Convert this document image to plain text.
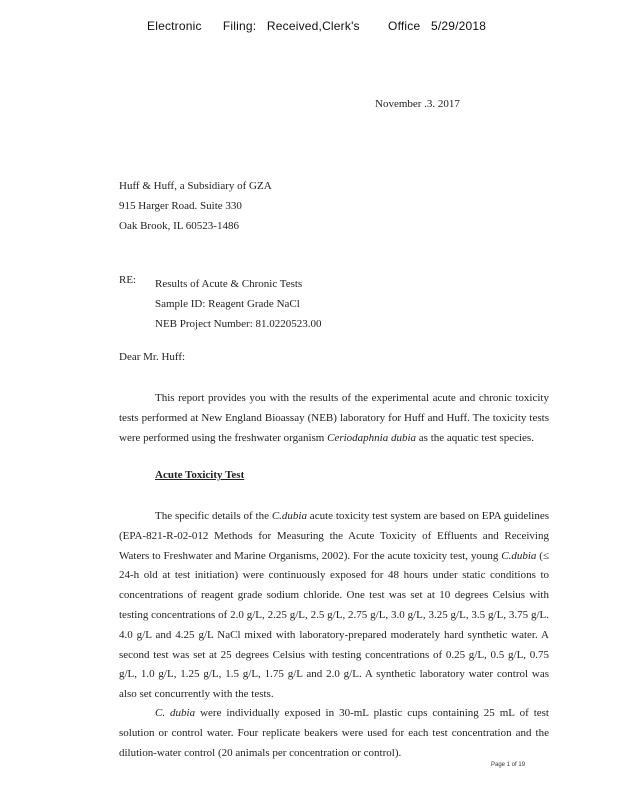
Electronic      Filing:   Received,Clerk's        Office   5/29/2018
November .3. 2017
Huff & Huff, a Subsidiary of GZA
915 Harger Road. Suite 330
Oak Brook, IL 60523-1486
RE: Results of Acute & Chronic Tests
Sample ID: Reagent Grade NaCl
NEB Project Number: 81.0220523.00
Dear Mr. Huff:
This report provides you with the results of the experimental acute and chronic toxicity tests performed at New England Bioassay (NEB) laboratory for Huff and Huff. The toxicity tests were performed using the freshwater organism Ceriodaphnia dubia as the aquatic test species.
Acute Toxicity Test
The specific details of the C.dubia acute toxicity test system are based on EPA guidelines (EPA-821-R-02-012 Methods for Measuring the Acute Toxicity of Effluents and Receiving Waters to Freshwater and Marine Organisms, 2002). For the acute toxicity test, young C.dubia (≤ 24-h old at test initiation) were continuously exposed for 48 hours under static conditions to concentrations of reagent grade sodium chloride. One test was set at 10 degrees Celsius with testing concentrations of 2.0 g/L, 2.25 g/L, 2.5 g/L, 2.75 g/L, 3.0 g/L, 3.25 g/L, 3.5 g/L, 3.75 g/L. 4.0 g/L and 4.25 g/L NaCl mixed with laboratory-prepared moderately hard synthetic water. A second test was set at 25 degrees Celsius with testing concentrations of 0.25 g/L, 0.5 g/L, 0.75 g/L, 1.0 g/L, 1.25 g/L, 1.5 g/L, 1.75 g/L and 2.0 g/L. A synthetic laboratory water control was also set concurrently with the tests.
C. dubia were individually exposed in 30-mL plastic cups containing 25 mL of test solution or control water. Four replicate beakers were used for each test concentration and the dilution-water control (20 animals per concentration or control).
Page 1 of 19
